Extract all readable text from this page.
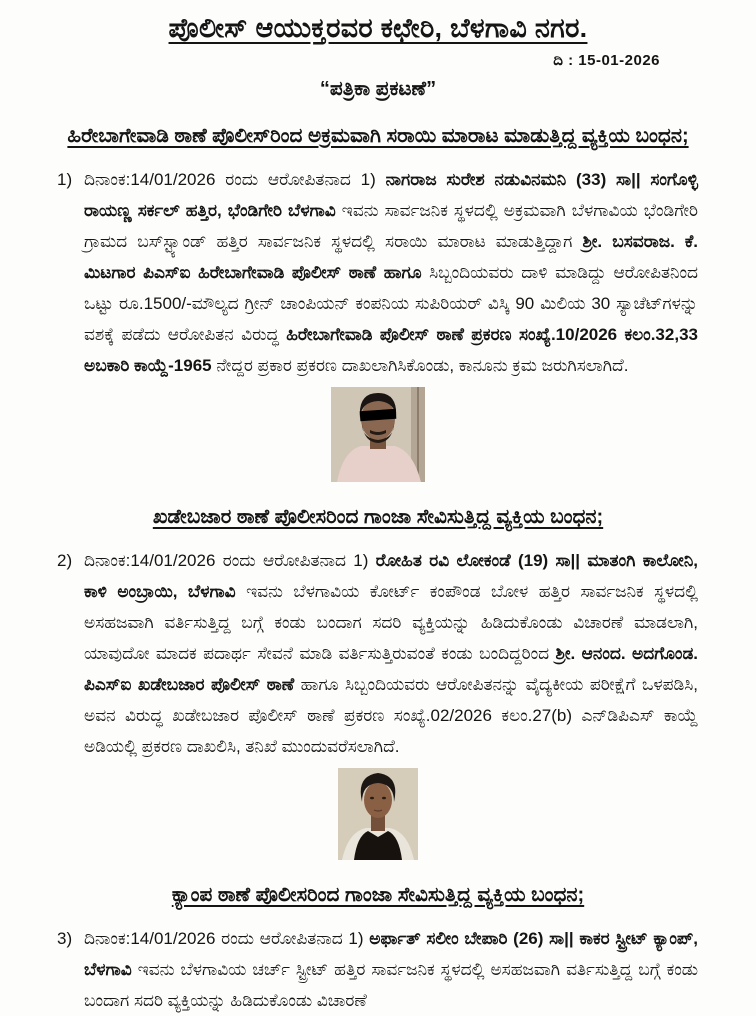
ಪೊಲೀಸ್ ಆಯುಕ್ತರವರ ಕಛೇರಿ, ಬೆಳಗಾವಿ ನಗರ.
ದಿ : 15-01-2026
“ಪತ್ರಿಕಾ ಪ್ರಕಟಣೆ”
ಹಿರೇಬಾಗೇವಾಡಿ ಠಾಣೆ ಪೊಲೀಸ್‌ರಿಂದ ಅಕ್ರಮವಾಗಿ ಸರಾಯಿ ಮಾರಾಟ ಮಾಡುತ್ತಿದ್ದ ವ್ಯಕ್ತಿಯ ಬಂಧನ;
1) ದಿನಾಂಕ:14/01/2026 ರಂದು ಆರೋಪಿತನಾದ 1) ನಾಗರಾಜ ಸುರೇಶ ನಡುವಿನಮನಿ (33) ಸಾ|| ಸಂಗೊಳ್ಳಿ ರಾಯಣ್ಣ ಸರ್ಕಲ್ ಹತ್ತಿರ, ಭೆಂಡಿಗೇರಿ ಬೆಳಗಾವಿ ಇವನು ಸಾರ್ವಜನಿಕ ಸ್ಥಳದಲ್ಲಿ ಅಕ್ರಮವಾಗಿ ಬೆಳಗಾವಿಯ ಭೆಂಡಿಗೇರಿ ಗ್ರಾಮದ ಬಸ್‌ಸ್ಟ್ಯಾಂಡ್ ಹತ್ತಿರ ಸಾರ್ವಜನಿಕ ಸ್ಥಳದಲ್ಲಿ ಸರಾಯಿ ಮಾರಾಟ ಮಾಡುತ್ತಿದ್ದಾಗ ಶ್ರೀ. ಬಸವರಾಜ. ಕೆ. ಮಿಟಗಾರ ಪಿಎಸ್‌ಐ ಹಿರೇಬಾಗೇವಾಡಿ ಪೊಲೀಸ್ ಠಾಣೆ ಹಾಗೂ ಸಿಬ್ಬಂದಿಯವರು ದಾಳಿ ಮಾಡಿದ್ದು ಆರೋಪಿತನಿಂದ ಒಟ್ಟು ರೂ.1500/-ಮೌಲ್ಯದ ಗ್ರೀನ್ ಚಾಂಪಿಯನ್ ಕಂಪನಿಯ ಸುಪಿರಿಯರ್ ವಿಸ್ಕಿ 90 ಮಿಲಿಯ 30 ಸ್ಯಾಚೆಟ್‌ಗಳನ್ನು ವಶಕ್ಕೆ ಪಡೆದು ಆರೋಪಿತನ ವಿರುದ್ಧ ಹಿರೇಬಾಗೇವಾಡಿ ಪೊಲೀಸ್ ಠಾಣೆ ಪ್ರಕರಣ ಸಂಖ್ಯೆ.10/2026 ಕಲಂ.32,33 ಅಬಕಾರಿ ಕಾಯ್ದೆ-1965 ನೇದ್ದರ ಪ್ರಕಾರ ಪ್ರಕರಣ ದಾಖಲಾಗಿಸಿಕೊಂಡು, ಕಾನೂನು ಕ್ರಮ ಜರುಗಿಸಲಾಗಿದೆ.
ಖಡೇಬಜಾರ ಠಾಣೆ ಪೊಲೀಸರಿಂದ ಗಾಂಜಾ ಸೇವಿಸುತ್ತಿದ್ದ ವ್ಯಕ್ತಿಯ ಬಂಧನ;
2) ದಿನಾಂಕ:14/01/2026 ರಂದು ಆರೋಪಿತನಾದ 1) ರೋಹಿತ ರವಿ ಲೋಕಂಡೆ (19) ಸಾ|| ಮಾತಂಗಿ ಕಾಲೋನಿ, ಕಾಳಿ ಅಂಬ್ರಾಯಿ, ಬೆಳಗಾವಿ ಇವನು ಬೆಳಗಾವಿಯ ಕೋರ್ಟ್ ಕಂಪೌಂಡ ಬೋಳ ಹತ್ತಿರ ಸಾರ್ವಜನಿಕ ಸ್ಥಳದಲ್ಲಿ ಅಸಹಜವಾಗಿ ವರ್ತಿಸುತ್ತಿದ್ದ ಬಗ್ಗೆ ಕಂಡು ಬಂದಾಗ ಸದರಿ ವ್ಯಕ್ತಿಯನ್ನು ಹಿಡಿದುಕೊಂಡು ವಿಚಾರಣೆ ಮಾಡಲಾಗಿ, ಯಾವುದೋ ಮಾದಕ ಪದಾರ್ಥ ಸೇವನೆ ಮಾಡಿ ವರ್ತಿಸುತ್ತಿರುವಂತೆ ಕಂಡು ಬಂದಿದ್ದರಿಂದ ಶ್ರೀ. ಆನಂದ. ಅದಗೊಂಡ. ಪಿಎಸ್‌ಐ ಖಡೇಬಜಾರ ಪೊಲೀಸ್ ಠಾಣೆ ಹಾಗೂ ಸಿಬ್ಬಂದಿಯವರು ಆರೋಪಿತನನ್ನು ವೈದ್ಯಕೀಯ ಪರೀಕ್ಷೆಗೆ ಒಳಪಡಿಸಿ, ಅವನ ವಿರುದ್ಧ ಖಡೇಬಜಾರ ಪೊಲೀಸ್ ಠಾಣೆ ಪ್ರಕರಣ ಸಂಖ್ಯೆ.02/2026 ಕಲಂ.27(b) ಎನ್‌ಡಿಪಿಎಸ್ ಕಾಯ್ದೆ ಅಡಿಯಲ್ಲಿ ಪ್ರಕರಣ ದಾಖಲಿಸಿ, ತನಿಖೆ ಮುಂದುವರೆಸಲಾಗಿದೆ.
ಕ್ಯಾಂಪ ಠಾಣೆ ಪೊಲೀಸರಿಂದ ಗಾಂಜಾ ಸೇವಿಸುತ್ತಿದ್ದ ವ್ಯಕ್ತಿಯ ಬಂಧನ;
3) ದಿನಾಂಕ:14/01/2026 ರಂದು ಆರೋಪಿತನಾದ 1) ಅರ್ಫಾತ್ ಸಲೀಂ ಬೇಪಾರಿ (26) ಸಾ|| ಕಾಕರ ಸ್ಟ್ರೀಟ್ ಕ್ಯಾಂಪ್, ಬೆಳಗಾವಿ ಇವನು ಬೆಳಗಾವಿಯ ಚರ್ಚ್ ಸ್ಟ್ರೀಟ್ ಹತ್ತಿರ ಸಾರ್ವಜನಿಕ ಸ್ಥಳದಲ್ಲಿ ಅಸಹಜವಾಗಿ ವರ್ತಿಸುತ್ತಿದ್ದ ಬಗ್ಗೆ ಕಂಡು ಬಂದಾಗ ಸದರಿ ವ್ಯಕ್ತಿಯನ್ನು ಹಿಡಿದುಕೊಂಡು ವಿಚಾರಣೆ
